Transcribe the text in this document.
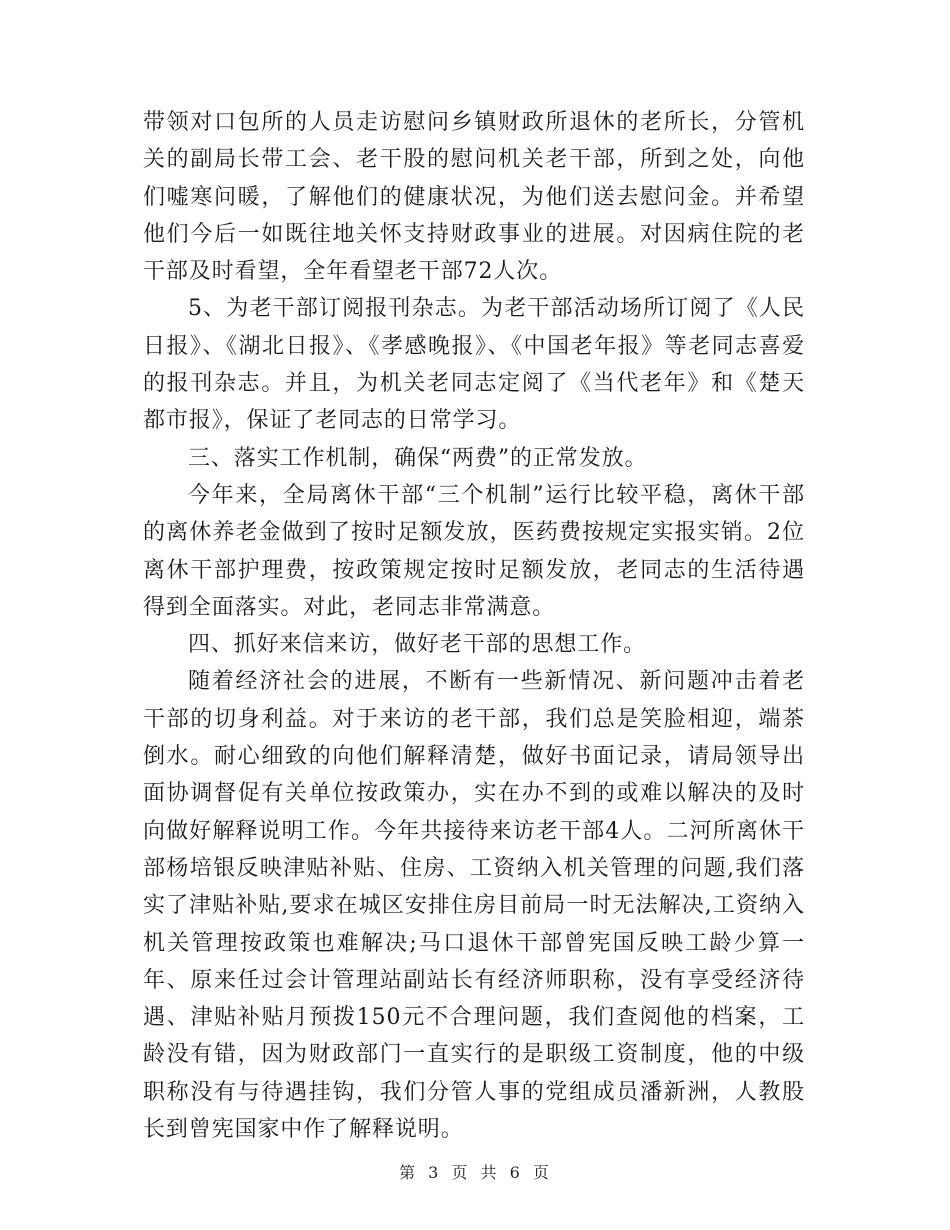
带领对口包所的人员走访慰问乡镇财政所退休的老所长，分管机关的副局长带工会、老干股的慰问机关老干部，所到之处，向他们嘘寒问暖，了解他们的健康状况，为他们送去慰问金。并希望他们今后一如既往地关怀支持财政事业的进展。对因病住院的老干部及时看望，全年看望老干部72人次。

5、为老干部订阅报刊杂志。为老干部活动场所订阅了《人民日报》、《湖北日报》、《孝感晚报》、《中国老年报》等老同志喜爱的报刊杂志。并且，为机关老同志定阅了《当代老年》和《楚天都市报》，保证了老同志的日常学习。

三、落实工作机制，确保“两费”的正常发放。

今年来，全局离休干部“三个机制”运行比较平稳，离休干部的离休养老金做到了按时足额发放，医药费按规定实报实销。2位离休干部护理费，按政策规定按时足额发放，老同志的生活待遇得到全面落实。对此，老同志非常满意。

四、抓好来信来访，做好老干部的思想工作。

随着经济社会的进展，不断有一些新情况、新问题冲击着老干部的切身利益。对于来访的老干部，我们总是笑脸相迎，端茶倒水。耐心细致的向他们解释清楚，做好书面记录，请局领导出面协调督促有关单位按政策办，实在办不到的或难以解决的及时向做好解释说明工作。今年共接待来访老干部4人。二河所离休干部杨培银反映津贴补贴、住房、工资纳入机关管理的问题,我们落实了津贴补贴,要求在城区安排住房目前局一时无法解决,工资纳入机关管理按政策也难解决;马口退休干部曾宪国反映工龄少算一年、原来任过会计管理站副站长有经济师职称，没有享受经济待遇、津贴补贴月预拨150元不合理问题，我们查阅他的档案，工龄没有错，因为财政部门一直实行的是职级工资制度，他的中级职称没有与待遇挂钩，我们分管人事的党组成员潘新洲，人教股长到曾宪国家中作了解释说明。

第 3 页 共 6 页
